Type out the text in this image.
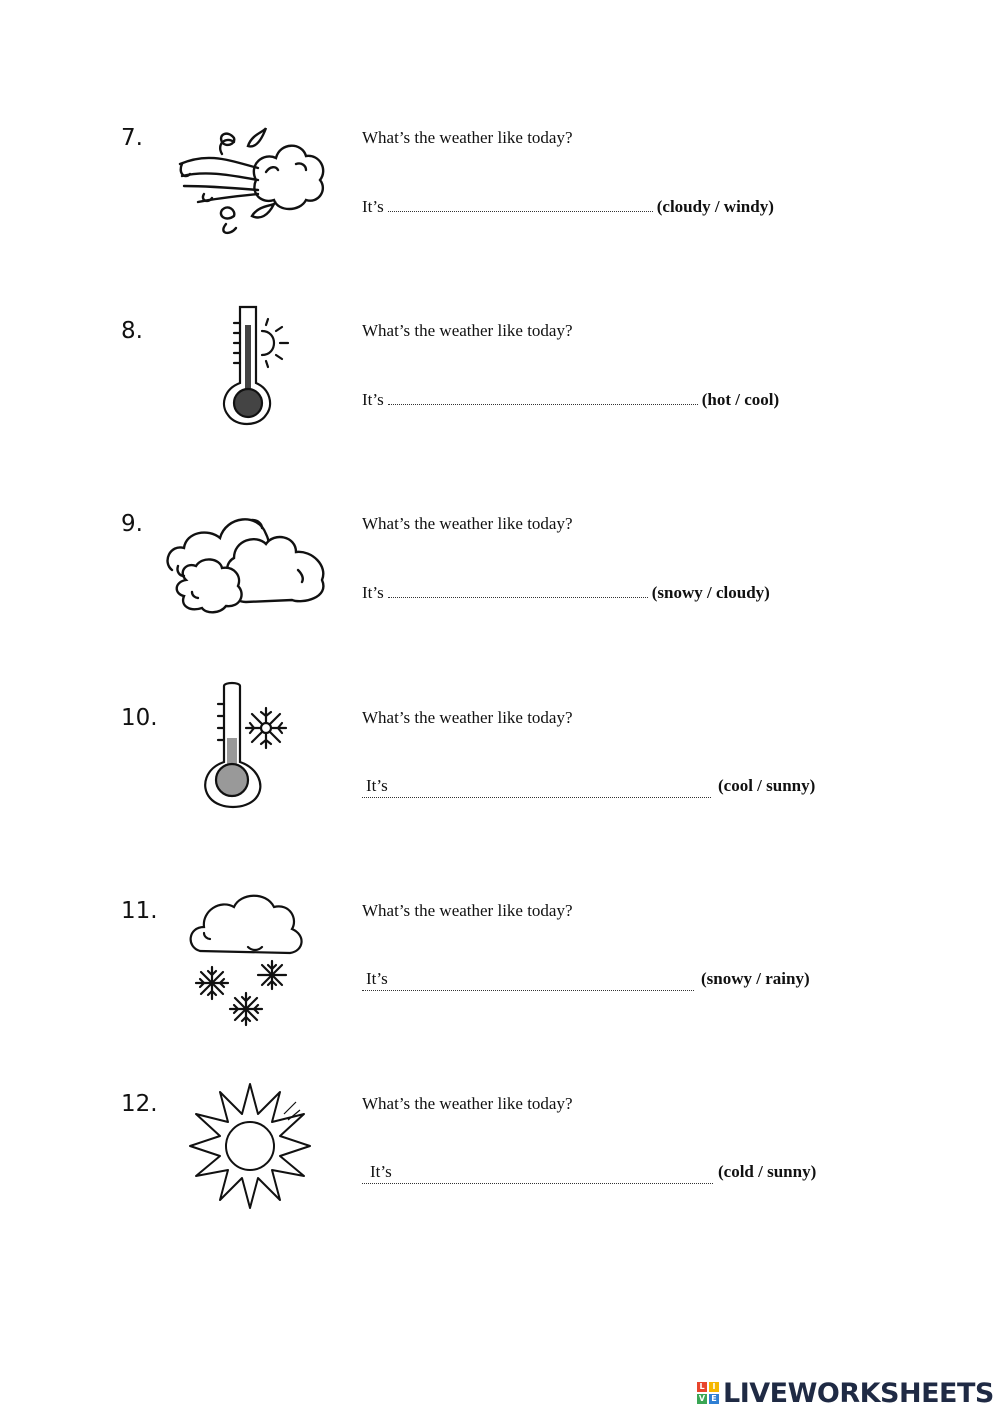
7.	What’s the weather like today?
It’s	(cloudy / windy)
8.	What’s the weather like today?
It’s	(hot / cool)
9.	What’s the weather like today?
It’s	(snowy / cloudy)
10.	What’s the weather like today?
It’s	(cool / sunny)
11.	What’s the weather like today?
It’s	(snowy / rainy)
12.	What’s the weather like today?
It’s	(cold / sunny)
L I
V E LIVEWORKSHEETS
